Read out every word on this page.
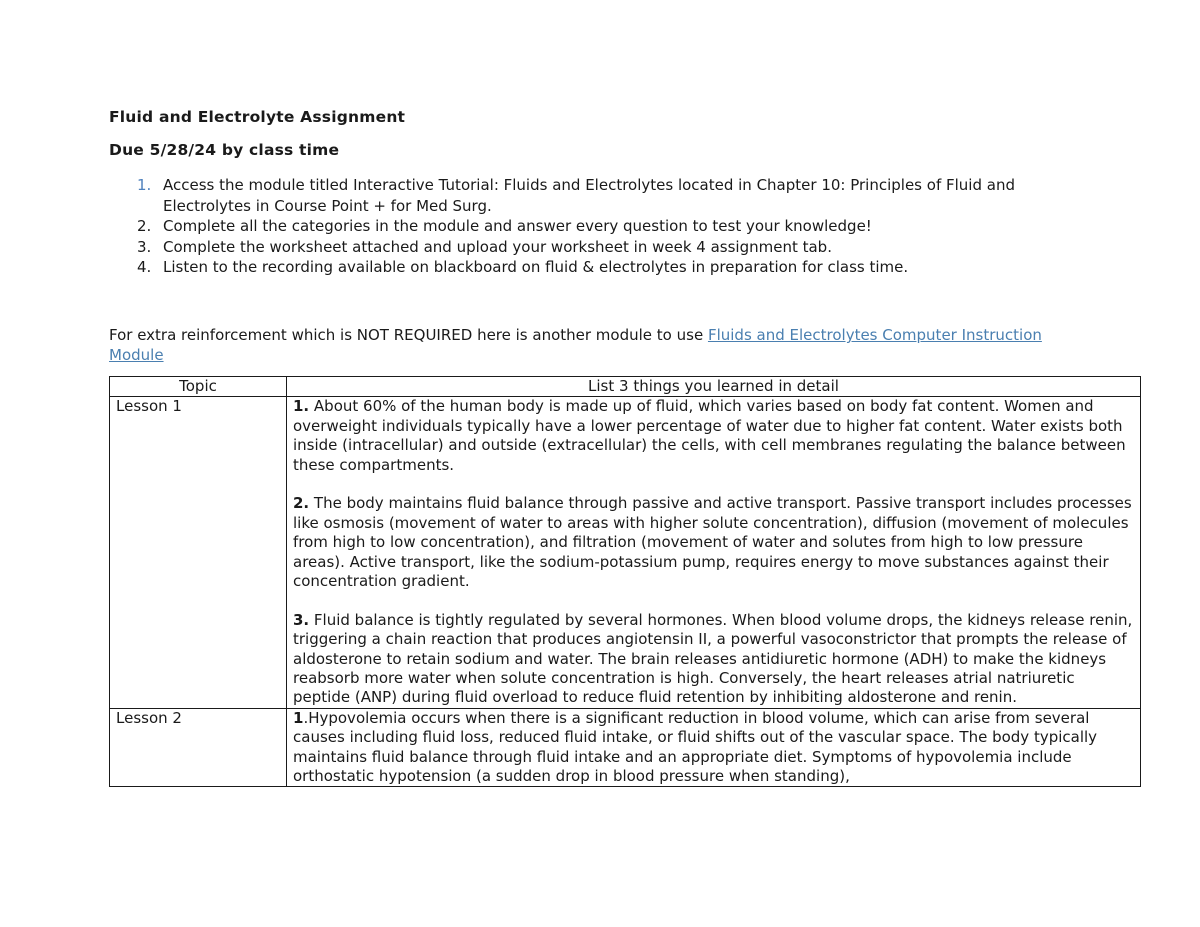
Fluid and Electrolyte Assignment

Due 5/28/24 by class time

1. Access the module titled Interactive Tutorial: Fluids and Electrolytes located in Chapter 10: Principles of Fluid and Electrolytes in Course Point + for Med Surg.
2. Complete all the categories in the module and answer every question to test your knowledge!
3. Complete the worksheet attached and upload your worksheet in week 4 assignment tab.
4. Listen to the recording available on blackboard on fluid & electrolytes in preparation for class time.

For extra reinforcement which is NOT REQUIRED here is another module to use Fluids and Electrolytes Computer Instruction Module

Topic	List 3 things you learned in detail
Lesson 1	1. About 60% of the human body is made up of fluid, which varies based on body fat content. Women and overweight individuals typically have a lower percentage of water due to higher fat content. Water exists both inside (intracellular) and outside (extracellular) the cells, with cell membranes regulating the balance between these compartments.

2. The body maintains fluid balance through passive and active transport. Passive transport includes processes like osmosis (movement of water to areas with higher solute concentration), diffusion (movement of molecules from high to low concentration), and filtration (movement of water and solutes from high to low pressure areas). Active transport, like the sodium-potassium pump, requires energy to move substances against their concentration gradient.

3. Fluid balance is tightly regulated by several hormones. When blood volume drops, the kidneys release renin, triggering a chain reaction that produces angiotensin II, a powerful vasoconstrictor that prompts the release of aldosterone to retain sodium and water. The brain releases antidiuretic hormone (ADH) to make the kidneys reabsorb more water when solute concentration is high. Conversely, the heart releases atrial natriuretic peptide (ANP) during fluid overload to reduce fluid retention by inhibiting aldosterone and renin.

Lesson 2	1.Hypovolemia occurs when there is a significant reduction in blood volume, which can arise from several causes including fluid loss, reduced fluid intake, or fluid shifts out of the vascular space. The body typically maintains fluid balance through fluid intake and an appropriate diet. Symptoms of hypovolemia include orthostatic hypotension (a sudden drop in blood pressure when standing),
